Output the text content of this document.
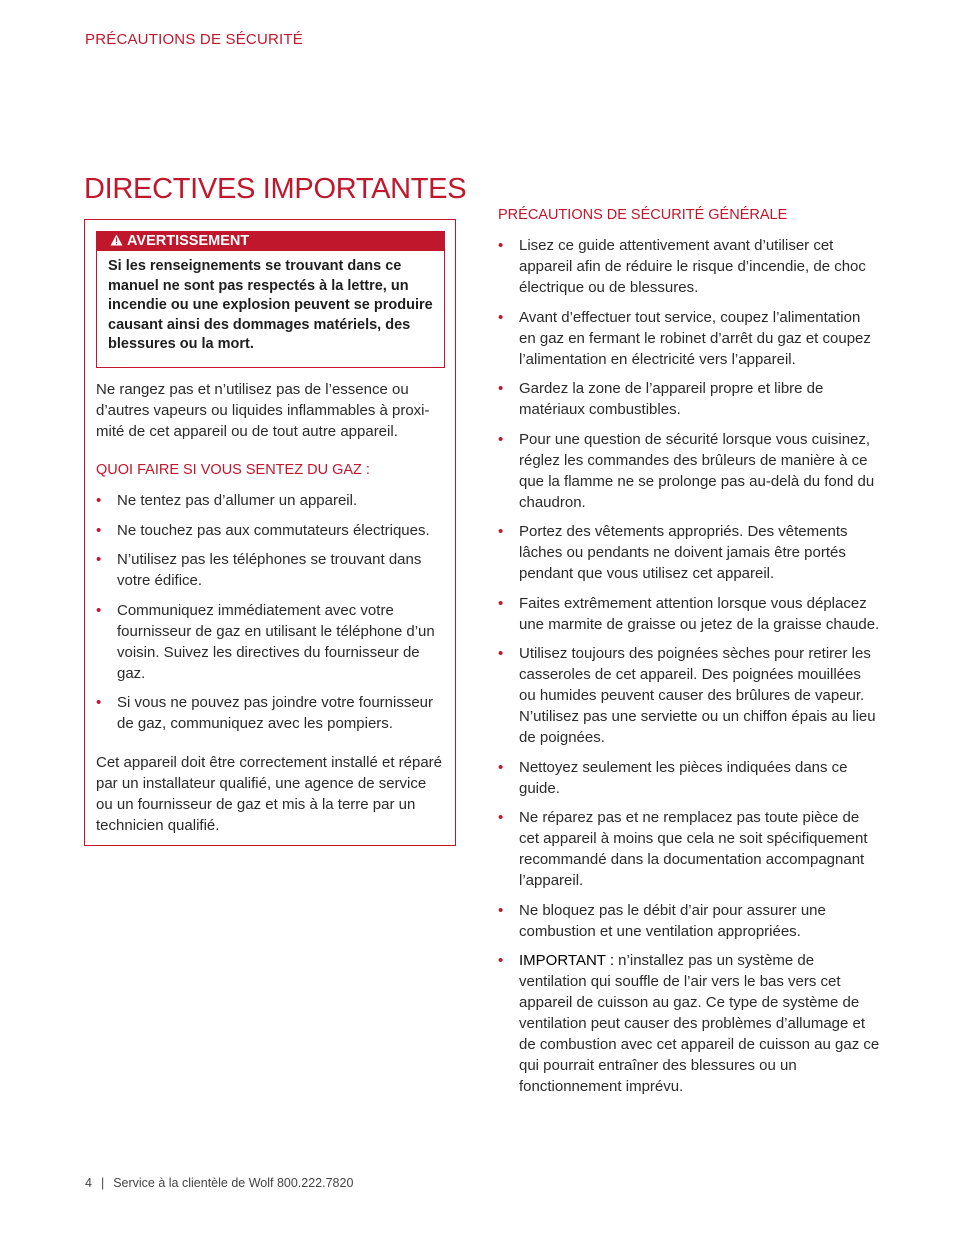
PRÉCAUTIONS DE SÉCURITÉ
DIRECTIVES IMPORTANTES
AVERTISSEMENT

Si les renseignements se trouvant dans ce manuel ne sont pas respectés à la lettre, un incendie ou une explosion peuvent se produire causant ainsi des dommages matériels, des blessures ou la mort.

Ne rangez pas et n’utilisez pas de l’essence ou d’autres vapeurs ou liquides inflammables à proximité de cet appareil ou de tout autre appareil.

QUOI FAIRE SI VOUS SENTEZ DU GAZ :

• Ne tentez pas d’allumer un appareil.
• Ne touchez pas aux commutateurs électriques.
• N’utilisez pas les téléphones se trouvant dans votre édifice.
• Communiquez immédiatement avec votre fournisseur de gaz en utilisant le téléphone d’un voisin. Suivez les directives du fournisseur de gaz.
• Si vous ne pouvez pas joindre votre fournisseur de gaz, communiquez avec les pompiers.

Cet appareil doit être correctement installé et réparé par un installateur qualifié, une agence de service ou un fournisseur de gaz et mis à la terre par un technicien qualifié.

PRÉCAUTIONS DE SÉCURITÉ GÉNÉRALE

• Lisez ce guide attentivement avant d’utiliser cet appareil afin de réduire le risque d’incendie, de choc électrique ou de blessures.
• Avant d’effectuer tout service, coupez l’alimentation en gaz en fermant le robinet d’arrêt du gaz et coupez l’alimentation en électricité vers l’appareil.
• Gardez la zone de l’appareil propre et libre de matériaux combustibles.
• Pour une question de sécurité lorsque vous cuisinez, réglez les commandes des brûleurs de manière à ce que la flamme ne se prolonge pas au-delà du fond du chaudron.
• Portez des vêtements appropriés. Des vêtements lâches ou pendants ne doivent jamais être portés pendant que vous utilisez cet appareil.
• Faites extrêmement attention lorsque vous déplacez une marmite de graisse ou jetez de la graisse chaude.
• Utilisez toujours des poignées sèches pour retirer les casseroles de cet appareil. Des poignées mouillées ou humides peuvent causer des brûlures de vapeur. N’utilisez pas une serviette ou un chiffon épais au lieu de poignées.
• Nettoyez seulement les pièces indiquées dans ce guide.
• Ne réparez pas et ne remplacez pas toute pièce de cet appareil à moins que cela ne soit spécifiquement recommandé dans la documentation accompagnant l’appareil.
• Ne bloquez pas le débit d’air pour assurer une combustion et une ventilation appropriées.
• IMPORTANT : n’installez pas un système de ventilation qui souffle de l’air vers le bas vers cet appareil de cuisson au gaz. Ce type de système de ventilation peut causer des problèmes d’allumage et de combustion avec cet appareil de cuisson au gaz ce qui pourrait entraîner des blessures ou un fonctionnement imprévu.
4 | Service à la clientèle de Wolf 800.222.7820
